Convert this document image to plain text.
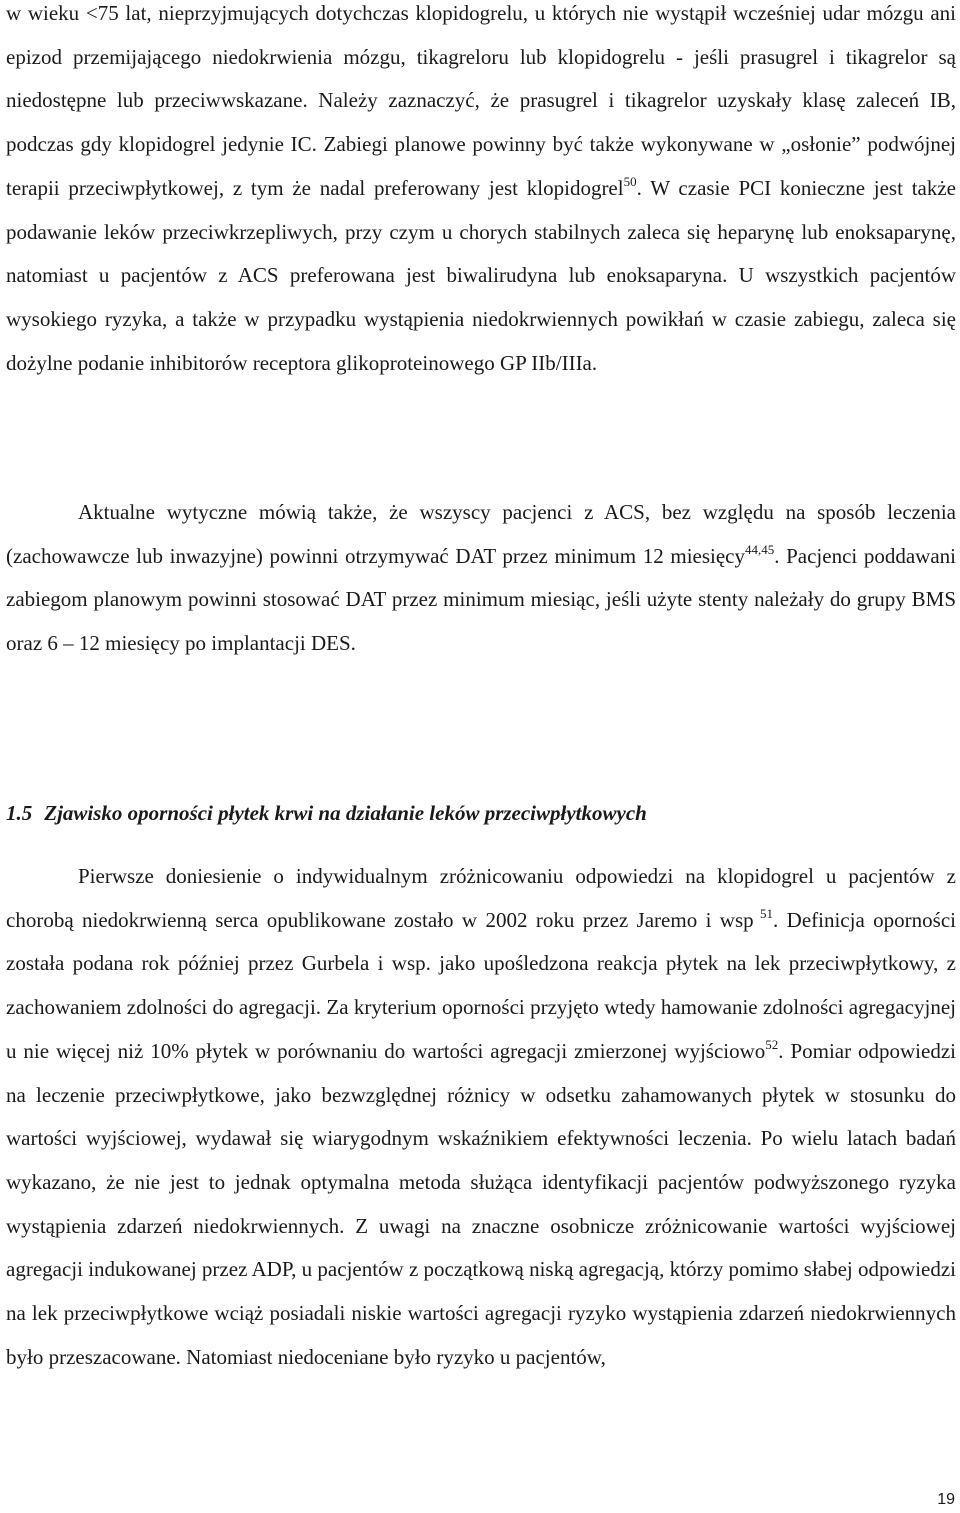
w wieku <75 lat, nieprzyjmujących dotychczas klopidogrelu, u których nie wystąpił wcześniej udar mózgu ani epizod przemijającego niedokrwienia mózgu, tikagreloru lub klopidogrelu - jeśli prasugrel i tikagrelor są niedostępne lub przeciwwskazane. Należy zaznaczyć, że prasugrel i tikagrelor uzyskały klasę zaleceń IB, podczas gdy klopidogrel jedynie IC. Zabiegi planowe powinny być także wykonywane w „osłonie” podwójnej terapii przeciwpłytkowej, z tym że nadal preferowany jest klopidogrel$^{50}$. W czasie PCI konieczne jest także podawanie leków przeciwkrzepliwych, przy czym u chorych stabilnych zaleca się heparynę lub enoksaparynę, natomiast u pacjentów z ACS preferowana jest biwalirudyna lub enoksaparyna. U wszystkich pacjentów wysokiego ryzyka, a także w przypadku wystąpienia niedokrwiennych powikłań w czasie zabiegu, zaleca się dożylne podanie inhibitorów receptora glikoproteinowego GP IIb/IIIa.

Aktualne wytyczne mówią także, że wszyscy pacjenci z ACS, bez względu na sposób leczenia (zachowawcze lub inwazyjne) powinni otrzymywać DAT przez minimum 12 miesięcy$^{44,45}$. Pacjenci poddawani zabiegom planowym powinni stosować DAT przez minimum miesiąc, jeśli użyte stenty należały do grupy BMS oraz 6 – 12 miesięcy po implantacji DES.

1.5 Zjawisko oporności płytek krwi na działanie leków przeciwpłytkowych

Pierwsze doniesienie o indywidualnym zróżnicowaniu odpowiedzi na klopidogrel u pacjentów z chorobą niedokrwienną serca opublikowane zostało w 2002 roku przez Jaremo i wsp $^{51}$. Definicja oporności została podana rok później przez Gurbela i wsp. jako upośledzona reakcja płytek na lek przeciwpłytkowy, z zachowaniem zdolności do agregacji. Za kryterium oporności przyjęto wtedy hamowanie zdolności agregacyjnej u nie więcej niż 10% płytek w porównaniu do wartości agregacji zmierzonej wyjściowo$^{52}$. Pomiar odpowiedzi na leczenie przeciwpłytkowe, jako bezwzględnej różnicy w odsetku zahamowanych płytek w stosunku do wartości wyjściowej, wydawał się wiarygodnym wskaźnikiem efektywności leczenia. Po wielu latach badań wykazano, że nie jest to jednak optymalna metoda służąca identyfikacji pacjentów podwyższonego ryzyka wystąpienia zdarzeń niedokrwiennych. Z uwagi na znaczne osobnicze zróżnicowanie wartości wyjściowej agregacji indukowanej przez ADP, u pacjentów z początkową niską agregacją, którzy pomimo słabej odpowiedzi na lek przeciwpłytkowe wciąż posiadali niskie wartości agregacji ryzyko wystąpienia zdarzeń niedokrwiennych było przeszacowane. Natomiast niedoceniane było ryzyko u pacjentów,

19
